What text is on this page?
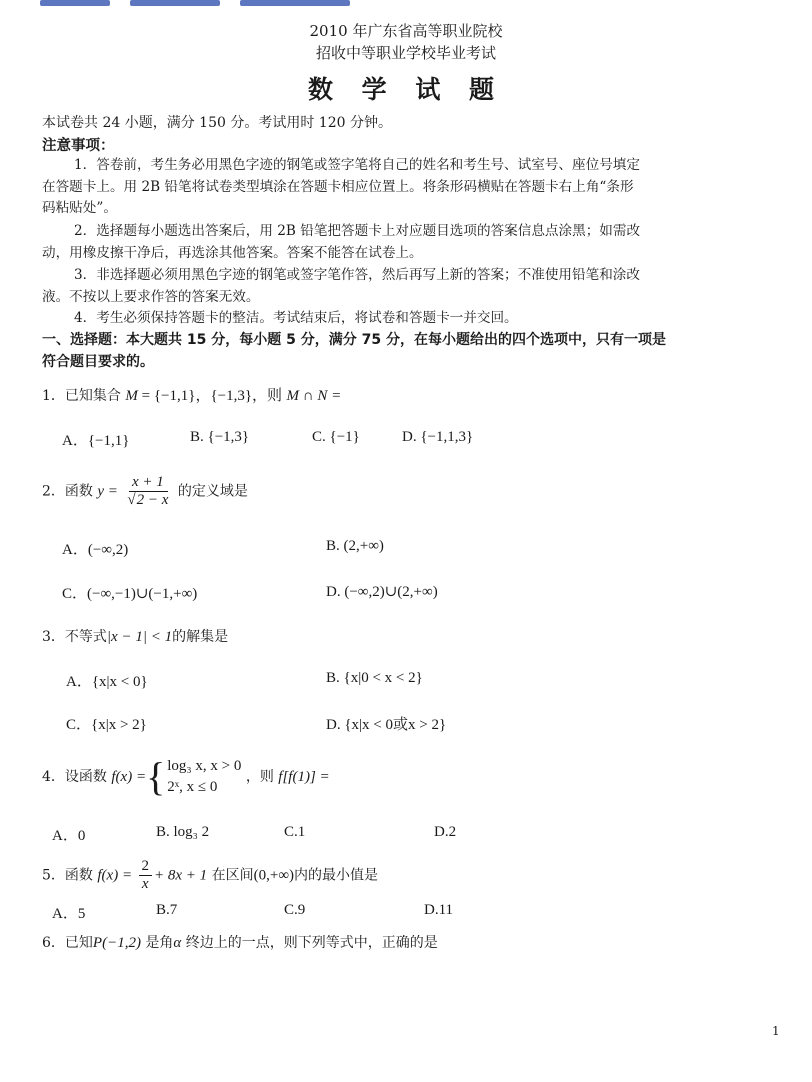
2010 年广东省高等职业院校
招收中等职业学校毕业考试
数 学 试 题
本试卷共 24 小题，满分 150 分。考试用时 120 分钟。
注意事项：
1．答卷前，考生务必用黑色字迹的钢笔或签字笔将自己的姓名和考生号、试室号、座位号填定
在答题卡上。用 2B 铅笔将试卷类型填涂在答题卡相应位置上。将条形码横贴在答题卡右上角“条形
码粘贴处”。
2．选择题每小题选出答案后，用 2B 铅笔把答题卡上对应题目选项的答案信息点涂黑；如需改
动，用橡皮擦干净后，再选涂其他答案。答案不能答在试卷上。
3．非选择题必须用黑色字迹的钢笔或签字笔作答，然后再写上新的答案；不准使用铅笔和涂改
液。不按以上要求作答的答案无效。
4．考生必须保持答题卡的整洁。考试结束后，将试卷和答题卡一并交回。
一、选择题：本大题共 15 分，每小题 5 分，满分 75 分，在每小题给出的四个选项中，只有一项是
符合题目要求的。
1．已知集合 M = {−1,1}，{−1,3}，则 M ∩ N =
A．{−1,1}	B. {−1,3}	C. {−1}	D. {−1,1,3}
2．函数 $y = \frac{x + 1}{√2 - x}$ 的定义域是
A．(−∞,2)	B. (2,+∞)
C．(−∞,−1)∪(−1,+∞)	D. (−∞,2)∪(2,+∞)
3．不等式|x − 1| < 1的解集是
A．{x|x < 0}	B. {x|0 < x < 2}
C．{x|x > 2}	D. {x|x < 0或x > 2}
4．设函数 f(x) = { log₃ x, x > 0
2ˣ, x ≤ 0
，则 f[f(1)] =
A．0	B. log₃ 2	C.1	D.2
5．函数 $f(x) = \frac{2}{x} + 8x + 1$ 在区间(0,+∞)内的最小值是
A．5	B.7	C.9	D.11
6．已知P(−1,2) 是角α 终边上的一点，则下列等式中，正确的是
1
